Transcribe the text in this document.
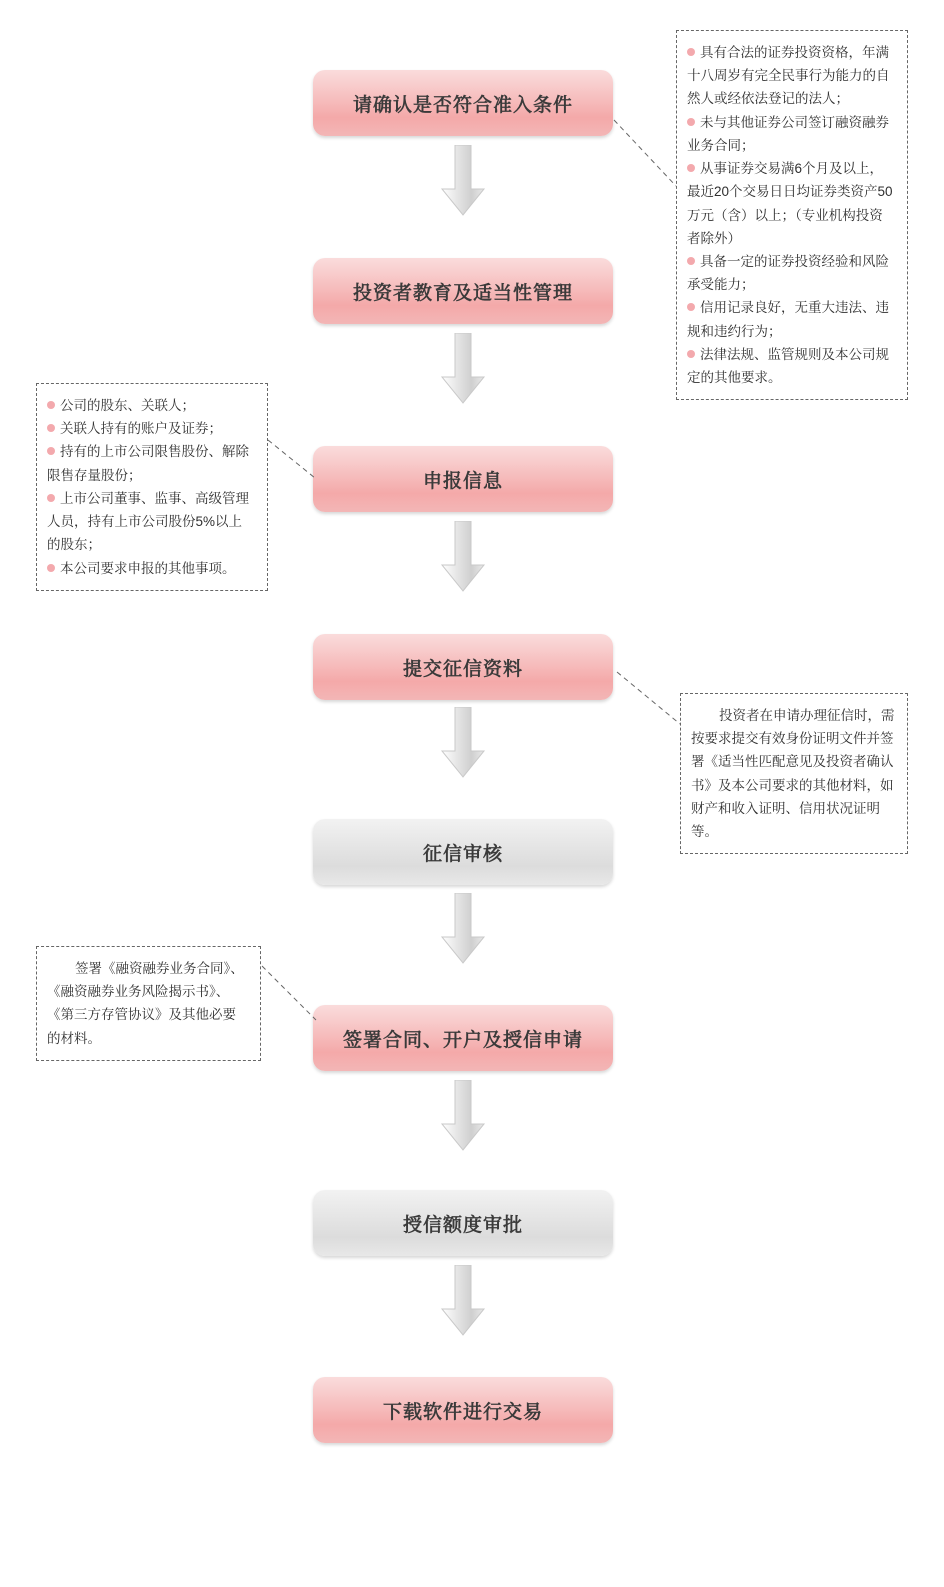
请确认是否符合准入条件
投资者教育及适当性管理
申报信息
提交征信资料
征信审核
签署合同、开户及授信申请
授信额度审批
下载软件进行交易

具有合法的证券投资资格，年满十八周岁有完全民事行为能力的自然人或经依法登记的法人；

未与其他证券公司签订融资融券业务合同；

从事证券交易满6个月及以上，最近20个交易日日均证券类资产50万元（含）以上；（专业机构投资者除外）

具备一定的证券投资经验和风险承受能力；

信用记录良好，无重大违法、违规和违约行为；

法律法规、监管规则及本公司规定的其他要求。

公司的股东、关联人；

关联人持有的账户及证券；

持有的上市公司限售股份、解除限售存量股份；

上市公司董事、监事、高级管理人员，持有上市公司股份5%以上的股东；

本公司要求申报的其他事项。

投资者在申请办理征信时，需按要求提交有效身份证明文件并签署《适当性匹配意见及投资者确认书》及本公司要求的其他材料，如财产和收入证明、信用状况证明等。

签署《融资融券业务合同》、《融资融券业务风险揭示书》、《第三方存管协议》及其他必要的材料。
